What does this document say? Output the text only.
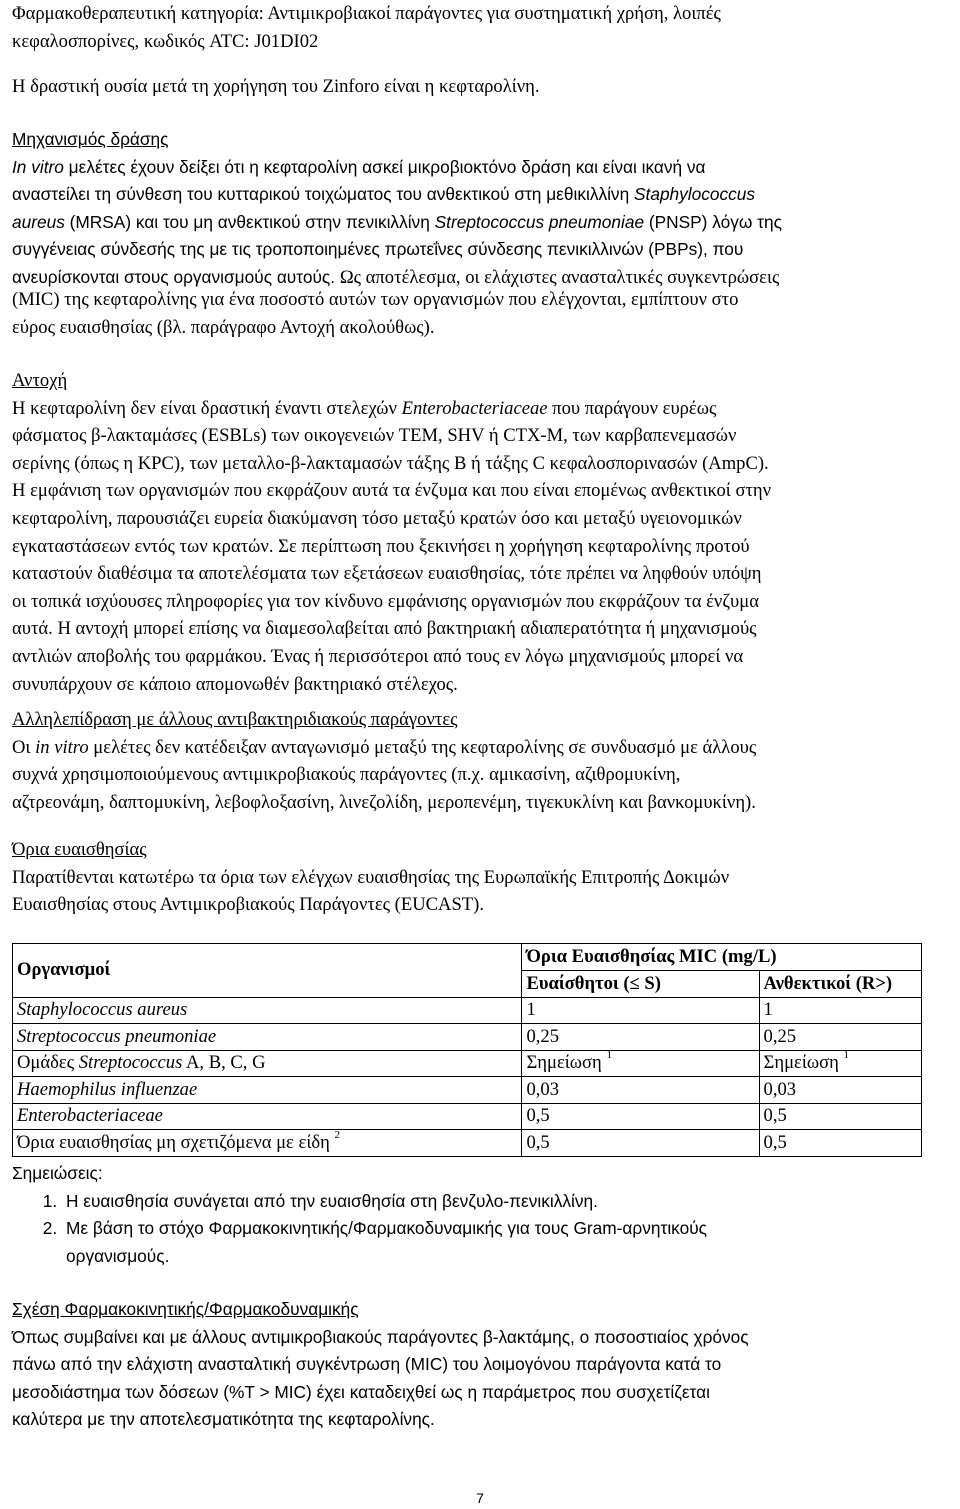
Φαρμακοθεραπευτική κατηγορία: Αντιμικροβιακοί παράγοντες για συστηματική χρήση, λοιπές

κεφαλοσπορίνες, κωδικός ATC: J01DI02

Η δραστική ουσία μετά τη χορήγηση του Zinforo είναι η κεφταρολίνη.

Μηχανισμός δράσης

In vitro μελέτες έχουν δείξει ότι η κεφταρολίνη ασκεί μικροβιοκτόνο δράση και είναι ικανή να

αναστείλει τη σύνθεση του κυτταρικού τοιχώματος του ανθεκτικού στη μεθικιλλίνη Staphylococcus

aureus (MRSA) και του μη ανθεκτικού στην πενικιλλίνη Streptococcus pneumoniae (PNSP) λόγω της

συγγένειας σύνδεσής της με τις τροποποιημένες πρωτεΐνες σύνδεσης πενικιλλινών (PBPs), που

ανευρίσκονται στους οργανισμούς αυτούς. Ως αποτέλεσμα, οι ελάχιστες ανασταλτικές συγκεντρώσεις

(MIC) της κεφταρολίνης για ένα ποσοστό αυτών των οργανισμών που ελέγχονται, εμπίπτουν στο

εύρος ευαισθησίας (βλ. παράγραφο Αντοχή ακολούθως).

Αντοχή

Η κεφταρολίνη δεν είναι δραστική έναντι στελεχών Enterobacteriaceae που παράγουν ευρέως

φάσματος β-λακταμάσες (ESBLs) των οικογενειών TEM, SHV ή CTX-M, των καρβαπενεμασών

σερίνης (όπως η KPC), των μεταλλο-β-λακταμασών τάξης B ή τάξης C κεφαλοσπορινασών (AmpC).

Η εμφάνιση των οργανισμών που εκφράζουν αυτά τα ένζυμα και που είναι επομένως ανθεκτικοί στην

κεφταρολίνη, παρουσιάζει ευρεία διακύμανση τόσο μεταξύ κρατών όσο και μεταξύ υγειονομικών

εγκαταστάσεων εντός των κρατών. Σε περίπτωση που ξεκινήσει η χορήγηση κεφταρολίνης προτού

καταστούν διαθέσιμα τα αποτελέσματα των εξετάσεων ευαισθησίας, τότε πρέπει να ληφθούν υπόψη

οι τοπικά ισχύουσες πληροφορίες για τον κίνδυνο εμφάνισης οργανισμών που εκφράζουν τα ένζυμα

αυτά. Η αντοχή μπορεί επίσης να διαμεσολαβείται από βακτηριακή αδιαπερατότητα ή μηχανισμούς

αντλιών αποβολής του φαρμάκου. Ένας ή περισσότεροι από τους εν λόγω μηχανισμούς μπορεί να

συνυπάρχουν σε κάποιο απομονωθέν βακτηριακό στέλεχος.

Αλληλεπίδραση με άλλους αντιβακτηριδιακούς παράγοντες

Οι in vitro μελέτες δεν κατέδειξαν ανταγωνισμό μεταξύ της κεφταρολίνης σε συνδυασμό με άλλους

συχνά χρησιμοποιούμενους αντιμικροβιακούς παράγοντες (π.χ. αμικασίνη, αζιθρομυκίνη,

αζτρεονάμη, δαπτομυκίνη, λεβοφλοξασίνη, λινεζολίδη, μεροπενέμη, τιγεκυκλίνη και βανκομυκίνη).

Όρια ευαισθησίας

Παρατίθενται κατωτέρω τα όρια των ελέγχων ευαισθησίας της Ευρωπαϊκής Επιτροπής Δοκιμών

Ευαισθησίας στους Αντιμικροβιακούς Παράγοντες (EUCAST).

Οργανισμοί	Όρια Ευαισθησίας MIC (mg/L)	
	Ευαίσθητοι (≤ S)	Ανθεκτικοί (R>)
Staphylococcus aureus	1	1
Streptococcus pneumoniae	0,25	0,25
Ομάδες Streptococcus A, B, C, G	Σημείωση $^1$	Σημείωση $^1$
Haemophilus influenzae	0,03	0,03
Enterobacteriaceae	0,5	0,5
Όρια ευαισθησίας μη σχετιζόμενα με είδη $^2$	0,5	0,5

Σημειώσεις:

1. Η ευαισθησία συνάγεται από την ευαισθησία στη βενζυλο-πενικιλλίνη.
2. Με βάση το στόχο Φαρμακοκινητικής/Φαρμακοδυναμικής για τους Gram-αρνητικούς
οργανισμούς.

Σχέση Φαρμακοκινητικής/Φαρμακοδυναμικής

Όπως συμβαίνει και με άλλους αντιμικροβιακούς παράγοντες β-λακτάμης, ο ποσοστιαίος χρόνος

πάνω από την ελάχιστη ανασταλτική συγκέντρωση (MIC) του λοιμογόνου παράγοντα κατά το

μεσοδιάστημα των δόσεων (%T > MIC) έχει καταδειχθεί ως η παράμετρος που συσχετίζεται

καλύτερα με την αποτελεσματικότητα της κεφταρολίνης.

7
